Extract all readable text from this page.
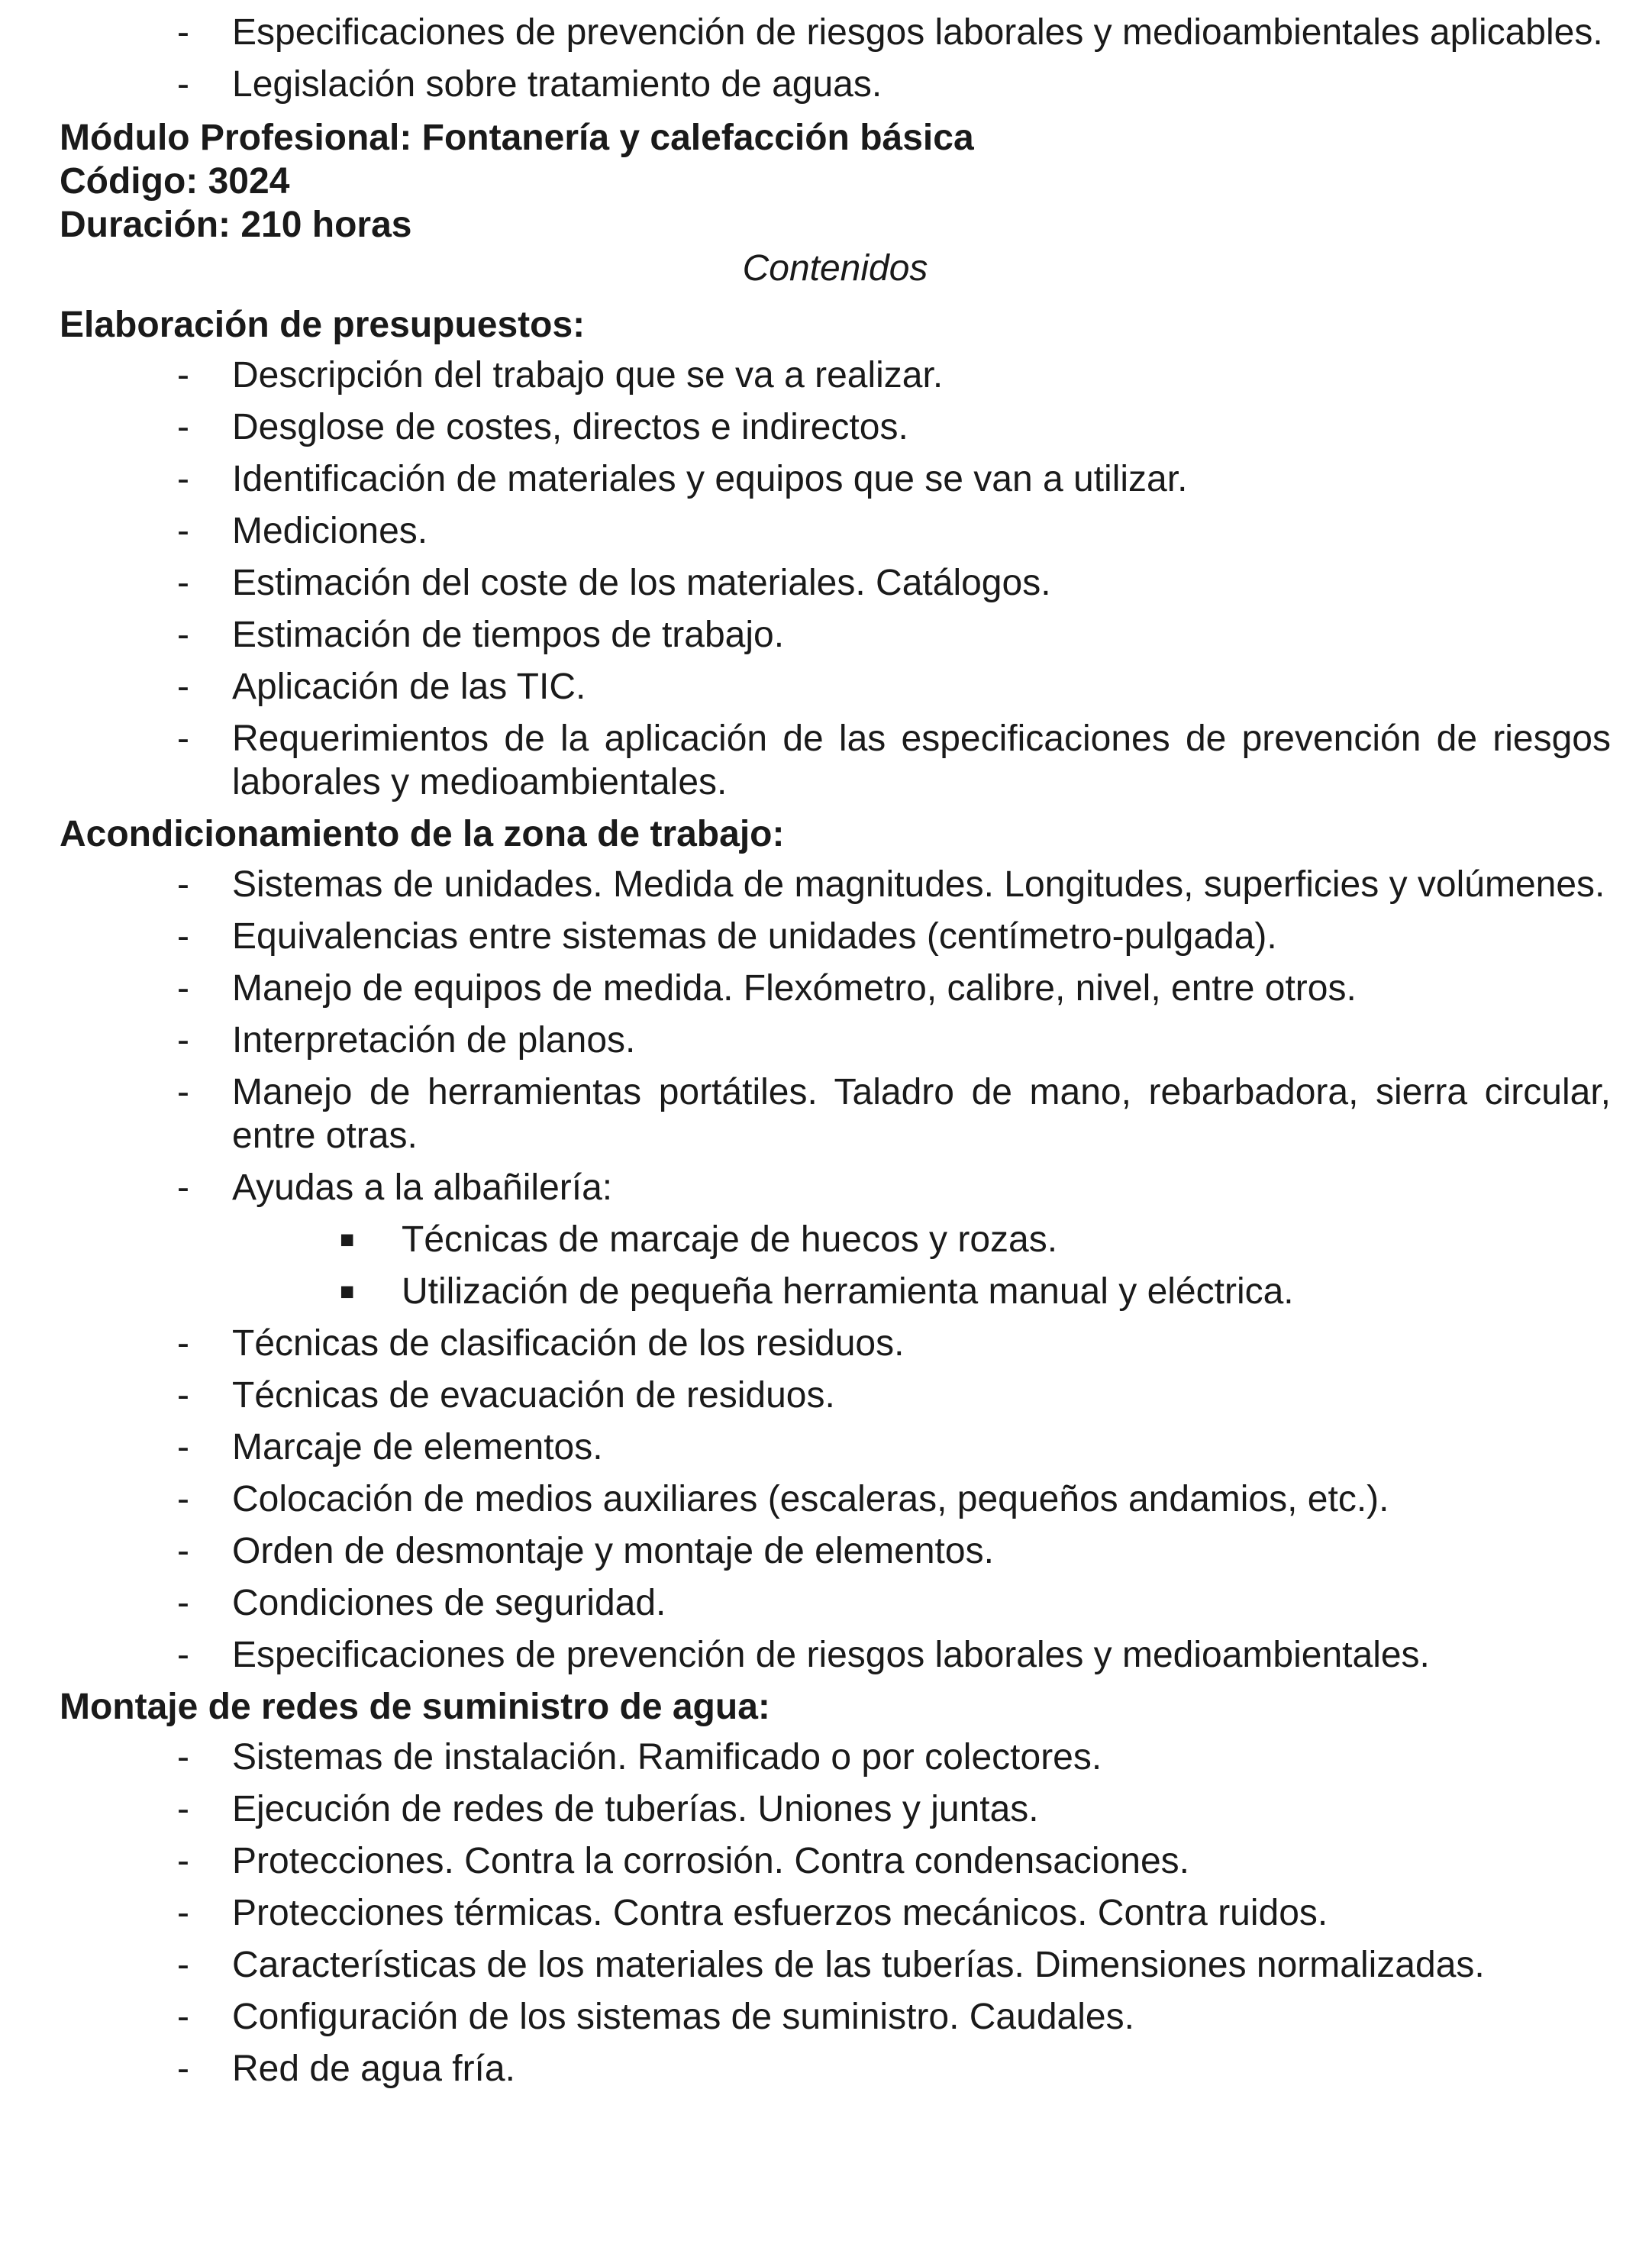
- Especificaciones de prevención de riesgos laborales y medioambientales aplicables.
- Legislación sobre tratamiento de aguas.

Módulo Profesional: Fontanería y calefacción básica

Código: 3024

Duración: 210 horas

Contenidos

Elaboración de presupuestos:

- Descripción del trabajo que se va a realizar.
- Desglose de costes, directos e indirectos.
- Identificación de materiales y equipos que se van a utilizar.
- Mediciones.
- Estimación del coste de los materiales. Catálogos.
- Estimación de tiempos de trabajo.
- Aplicación de las TIC.
- Requerimientos de la aplicación de las especificaciones de prevención de riesgos laborales y medioambientales.

Acondicionamiento de la zona de trabajo:

- Sistemas de unidades. Medida de magnitudes. Longitudes, superficies y volúmenes.
- Equivalencias entre sistemas de unidades (centímetro-pulgada).
- Manejo de equipos de medida. Flexómetro, calibre, nivel, entre otros.
- Interpretación de planos.
- Manejo de herramientas portátiles. Taladro de mano, rebarbadora, sierra circular, entre otras.
- Ayudas a la albañilería:
■ Técnicas de marcaje de huecos y rozas.
■ Utilización de pequeña herramienta manual y eléctrica.
- Técnicas de clasificación de los residuos.
- Técnicas de evacuación de residuos.
- Marcaje de elementos.
- Colocación de medios auxiliares (escaleras, pequeños andamios, etc.).
- Orden de desmontaje y montaje de elementos.
- Condiciones de seguridad.
- Especificaciones de prevención de riesgos laborales y medioambientales.

Montaje de redes de suministro de agua:

- Sistemas de instalación. Ramificado o por colectores.
- Ejecución de redes de tuberías. Uniones y juntas.
- Protecciones. Contra la corrosión. Contra condensaciones.
- Protecciones térmicas. Contra esfuerzos mecánicos. Contra ruidos.
- Características de los materiales de las tuberías. Dimensiones normalizadas.
- Configuración de los sistemas de suministro. Caudales.
- Red de agua fría.
